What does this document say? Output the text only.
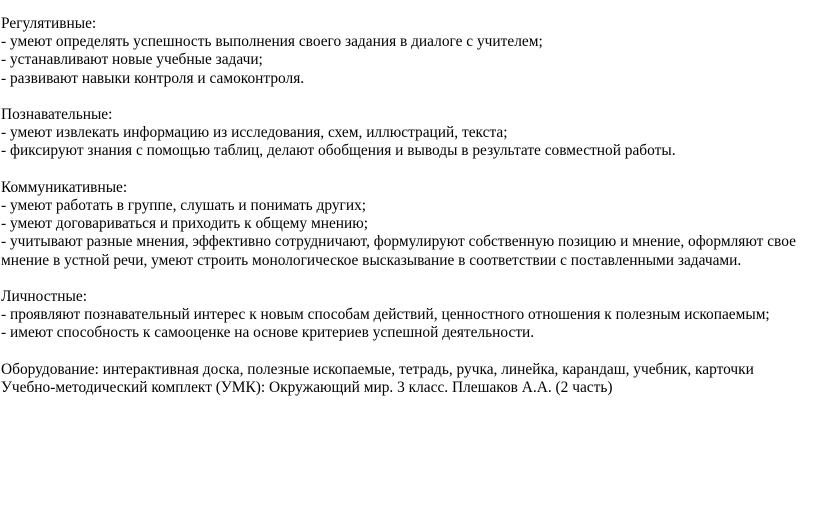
Регулятивные:
- умеют определять успешность выполнения своего задания в диалоге с учителем;
- устанавливают новые учебные задачи;
- развивают навыки контроля и самоконтроля.
Познавательные:
- умеют извлекать информацию из исследования, схем, иллюстраций, текста;
- фиксируют знания с помощью таблиц, делают обобщения и выводы в результате совместной работы.
Коммуникативные:
- умеют работать в группе, слушать и понимать других;
- умеют договариваться и приходить к общему мнению;
- учитывают разные мнения, эффективно сотрудничают, формулируют собственную позицию и мнение, оформляют свое
мнение в устной речи, умеют строить монологическое высказывание в соответствии с поставленными задачами.
Личностные:
- проявляют познавательный интерес к новым способам действий, ценностного отношения к полезным ископаемым;
- имеют способность к самооценке на основе критериев успешной деятельности.
Оборудование: интерактивная доска, полезные ископаемые, тетрадь, ручка, линейка, карандаш, учебник, карточки
Учебно-методический комплект (УМК): Окружающий мир. 3 класс. Плешаков А.А. (2 часть)
